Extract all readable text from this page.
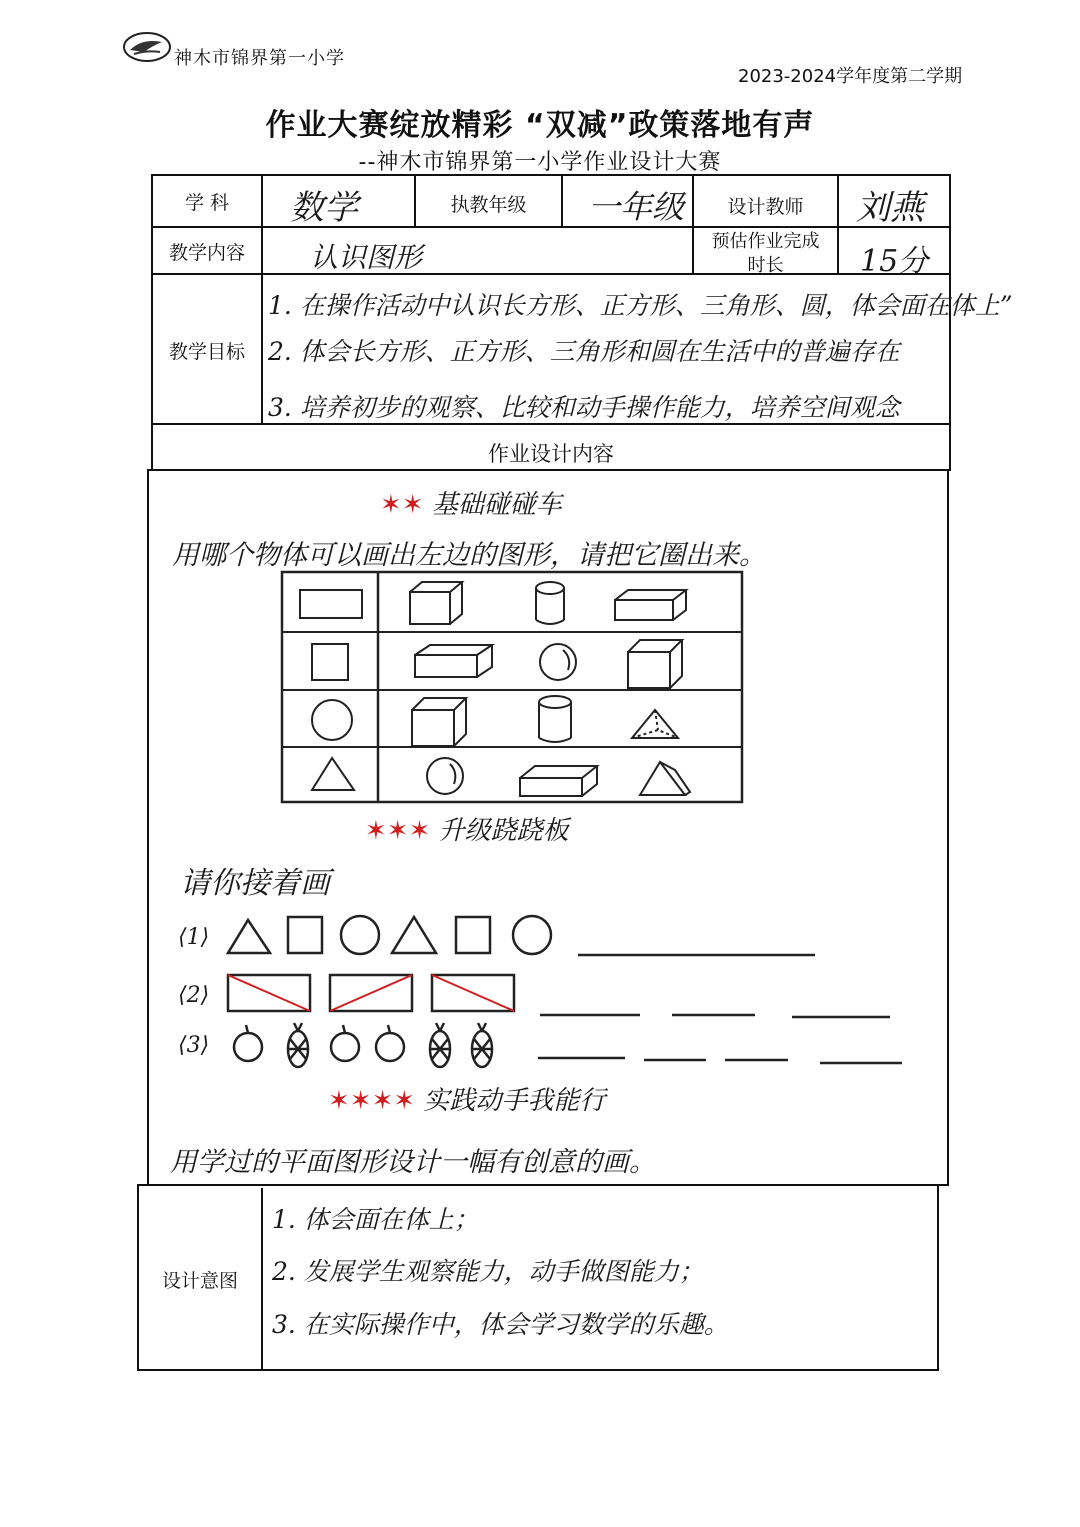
神木市锦界第一小学
2023-2024学年度第二学期
作业大赛绽放精彩 “双减”政策落地有声
--神木市锦界第一小学作业设计大赛
学 科	数学	执教年级	一年级	设计教师	刘燕
教学内容	认识图形	预估作业完成
时长	15分
教学目标
1. 在操作活动中认识长方形、正方形、三角形、圆，体会面在体上”
2. 体会长方形、正方形、三角形和圆在生活中的普遍存在
3. 培养初步的观察、比较和动手操作能力，培养空间观念
作业设计内容
✶✶ 基础碰碰车
用哪个物体可以画出左边的图形，请把它圈出来。
✶✶✶ 升级跷跷板
请你接着画
⟨1⟩
⟨2⟩
⟨3⟩
✶✶✶✶ 实践动手我能行
用学过的平面图形设计一幅有创意的画。
设计意图
1. 体会面在体上；
2. 发展学生观察能力，动手做图能力；
3. 在实际操作中，体会学习数学的乐趣。
